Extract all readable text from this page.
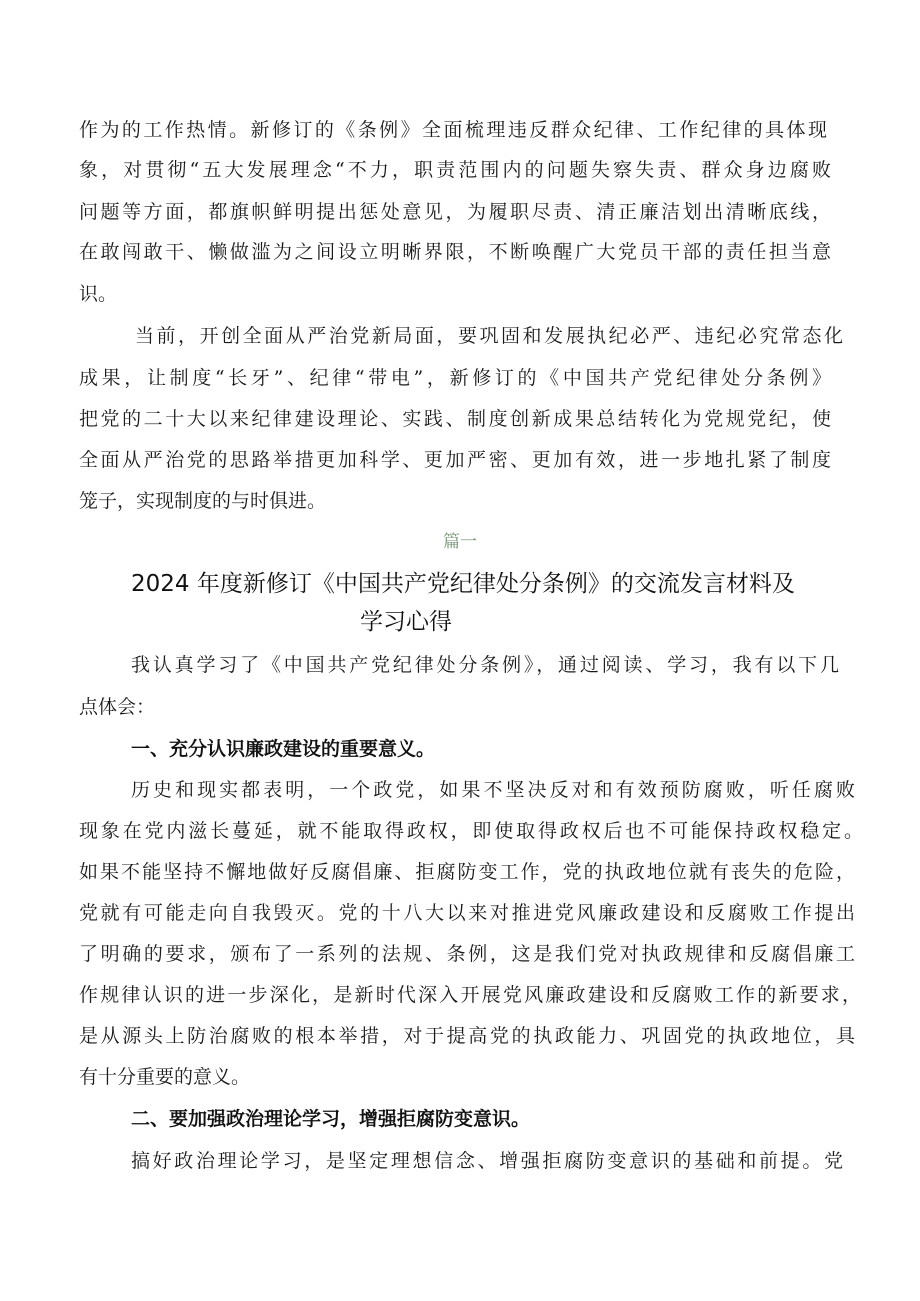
作为的工作热情。新修订的《条例》全面梳理违反群众纪律、工作纪律的具体现
象，对贯彻“五大发展理念“不力，职责范围内的问题失察失责、群众身边腐败
问题等方面，都旗帜鲜明提出惩处意见，为履职尽责、清正廉洁划出清晰底线，
在敢闯敢干、懒做滥为之间设立明晰界限，不断唤醒广大党员干部的责任担当意
识。
当前，开创全面从严治党新局面，要巩固和发展执纪必严、违纪必究常态化
成果，让制度“长牙”、纪律“带电”，新修订的《中国共产党纪律处分条例》
把党的二十大以来纪律建设理论、实践、制度创新成果总结转化为党规党纪，使
全面从严治党的思路举措更加科学、更加严密、更加有效，进一步地扎紧了制度
笼子，实现制度的与时俱进。
篇一
2024 年度新修订《中国共产党纪律处分条例》的交流发言材料及
学习心得
我认真学习了《中国共产党纪律处分条例》，通过阅读、学习，我有以下几
点体会：
一、充分认识廉政建设的重要意义。
历史和现实都表明，一个政党，如果不坚决反对和有效预防腐败，听任腐败
现象在党内滋长蔓延，就不能取得政权，即使取得政权后也不可能保持政权稳定。
如果不能坚持不懈地做好反腐倡廉、拒腐防变工作，党的执政地位就有丧失的危险，
党就有可能走向自我毁灭。党的十八大以来对推进党风廉政建设和反腐败工作提出
了明确的要求，颁布了一系列的法规、条例，这是我们党对执政规律和反腐倡廉工
作规律认识的进一步深化，是新时代深入开展党风廉政建设和反腐败工作的新要求，
是从源头上防治腐败的根本举措，对于提高党的执政能力、巩固党的执政地位，具
有十分重要的意义。
二、要加强政治理论学习，增强拒腐防变意识。
搞好政治理论学习，是坚定理想信念、增强拒腐防变意识的基础和前提。党
